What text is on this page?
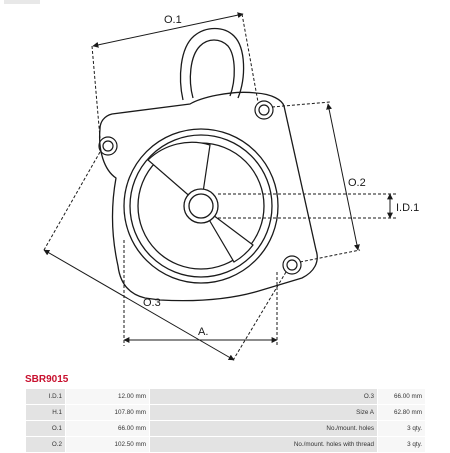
O.1
O.2
I.D.1
O.3
A.
SBR9015
I.D.1	12.00 mm	O.3	66.00 mm
H.1	107.80 mm	Size A	62.80 mm
O.1	66.00 mm	No./mount. holes	3 qty.
O.2	102.50 mm	No./mount. holes with thread	3 qty.
